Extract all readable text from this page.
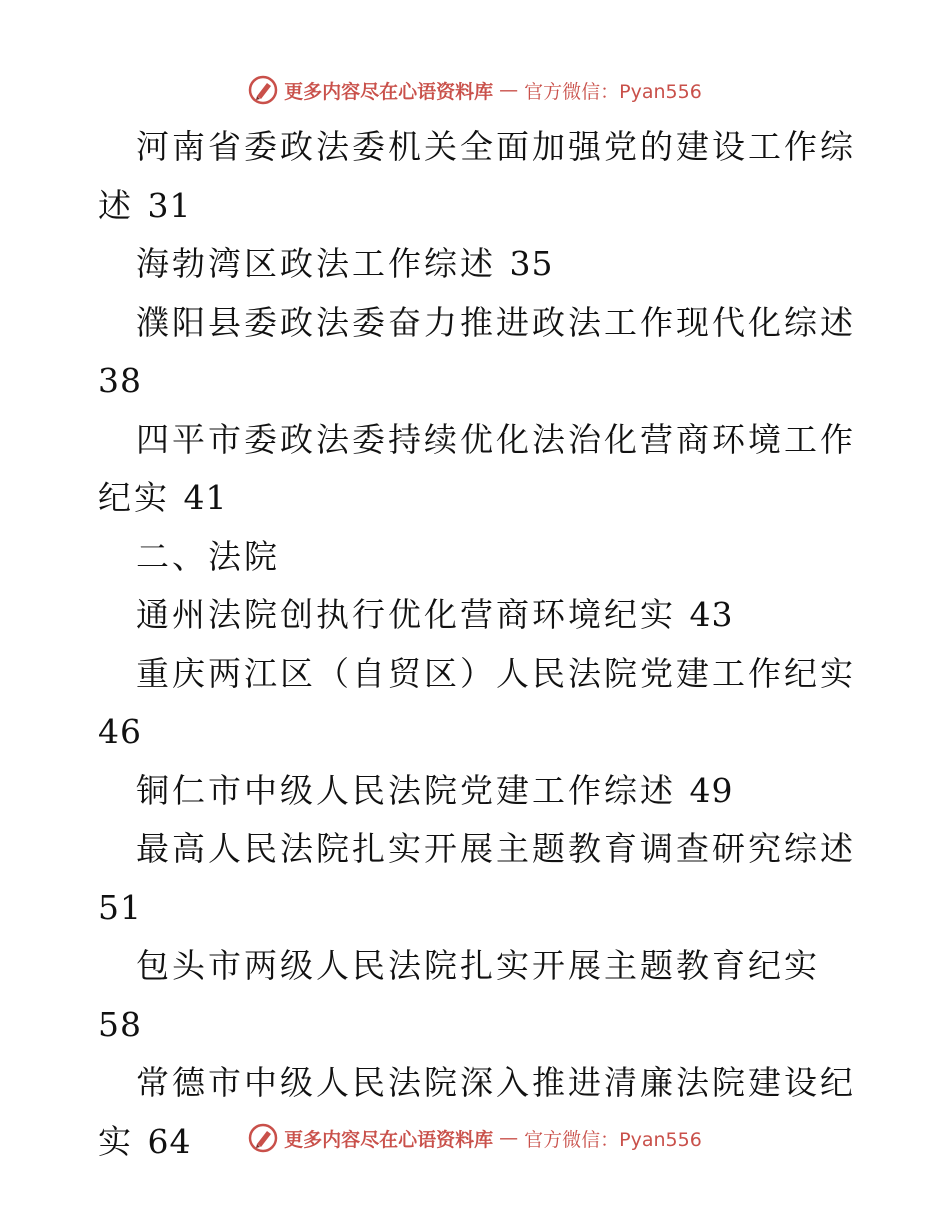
更多内容尽在心语资料库 — 官方微信：Pyan556
河南省委政法委机关全面加强党的建设工作综述 31
海勃湾区政法工作综述 35
濮阳县委政法委奋力推进政法工作现代化综述 38
四平市委政法委持续优化法治化营商环境工作纪实 41
二、法院
通州法院创执行优化营商环境纪实 43
重庆两江区（自贸区）人民法院党建工作纪实 46
铜仁市中级人民法院党建工作综述 49
最高人民法院扎实开展主题教育调查研究综述 51
包头市两级人民法院扎实开展主题教育纪实 58
常德市中级人民法院深入推进清廉法院建设纪实 64	更多内容尽在心语资料库 — 官方微信：Pyan556
